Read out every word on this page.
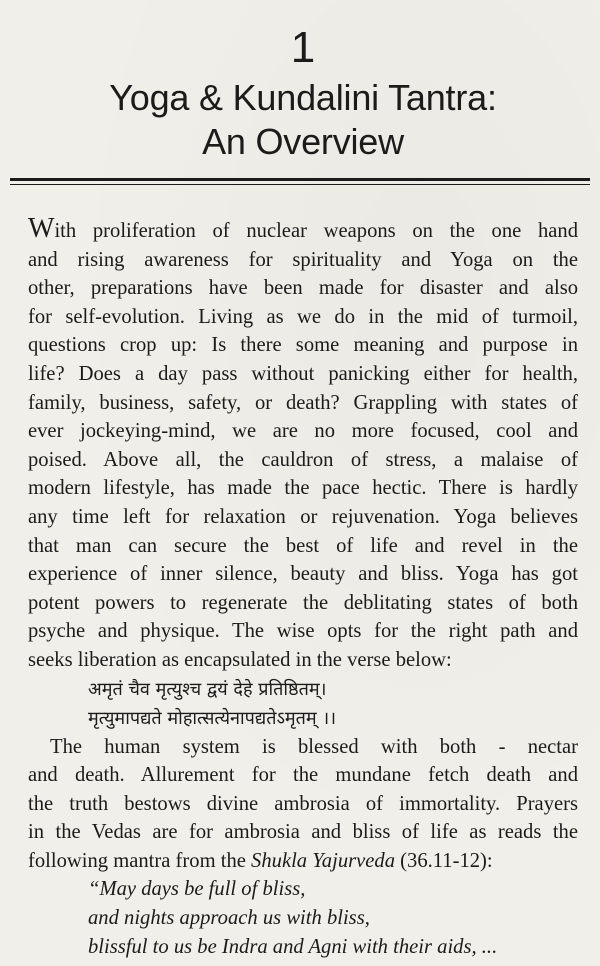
1
Yoga & Kundalini Tantra:
An Overview

With proliferation of nuclear weapons on the one hand
and rising awareness for spirituality and Yoga on the
other, preparations have been made for disaster and also
for self-evolution. Living as we do in the mid of turmoil,
questions crop up: Is there some meaning and purpose in
life? Does a day pass without panicking either for health,
family, business, safety, or death? Grappling with states of
ever jockeying-mind, we are no more focused, cool and
poised. Above all, the cauldron of stress, a malaise of
modern lifestyle, has made the pace hectic. There is hardly
any time left for relaxation or rejuvenation. Yoga believes
that man can secure the best of life and revel in the
experience of inner silence, beauty and bliss. Yoga has got
potent powers to regenerate the deblitating states of both
psyche and physique. The wise opts for the right path and
seeks liberation as encapsulated in the verse below:

अमृतं चैव मृत्युश्च द्वयं देहे प्रतिष्ठितम्।
मृत्युमापद्यते मोहात्सत्येनापद्यतेऽमृतम् ।।

The human system is blessed with both - nectar
and death. Allurement for the mundane fetch death and
the truth bestows divine ambrosia of immortality. Prayers
in the Vedas are for ambrosia and bliss of life as reads the
following mantra from the Shukla Yajurveda (36.11-12):

“May days be full of bliss,
and nights approach us with bliss,
blissful to us be Indra and Agni with their aids, ...
